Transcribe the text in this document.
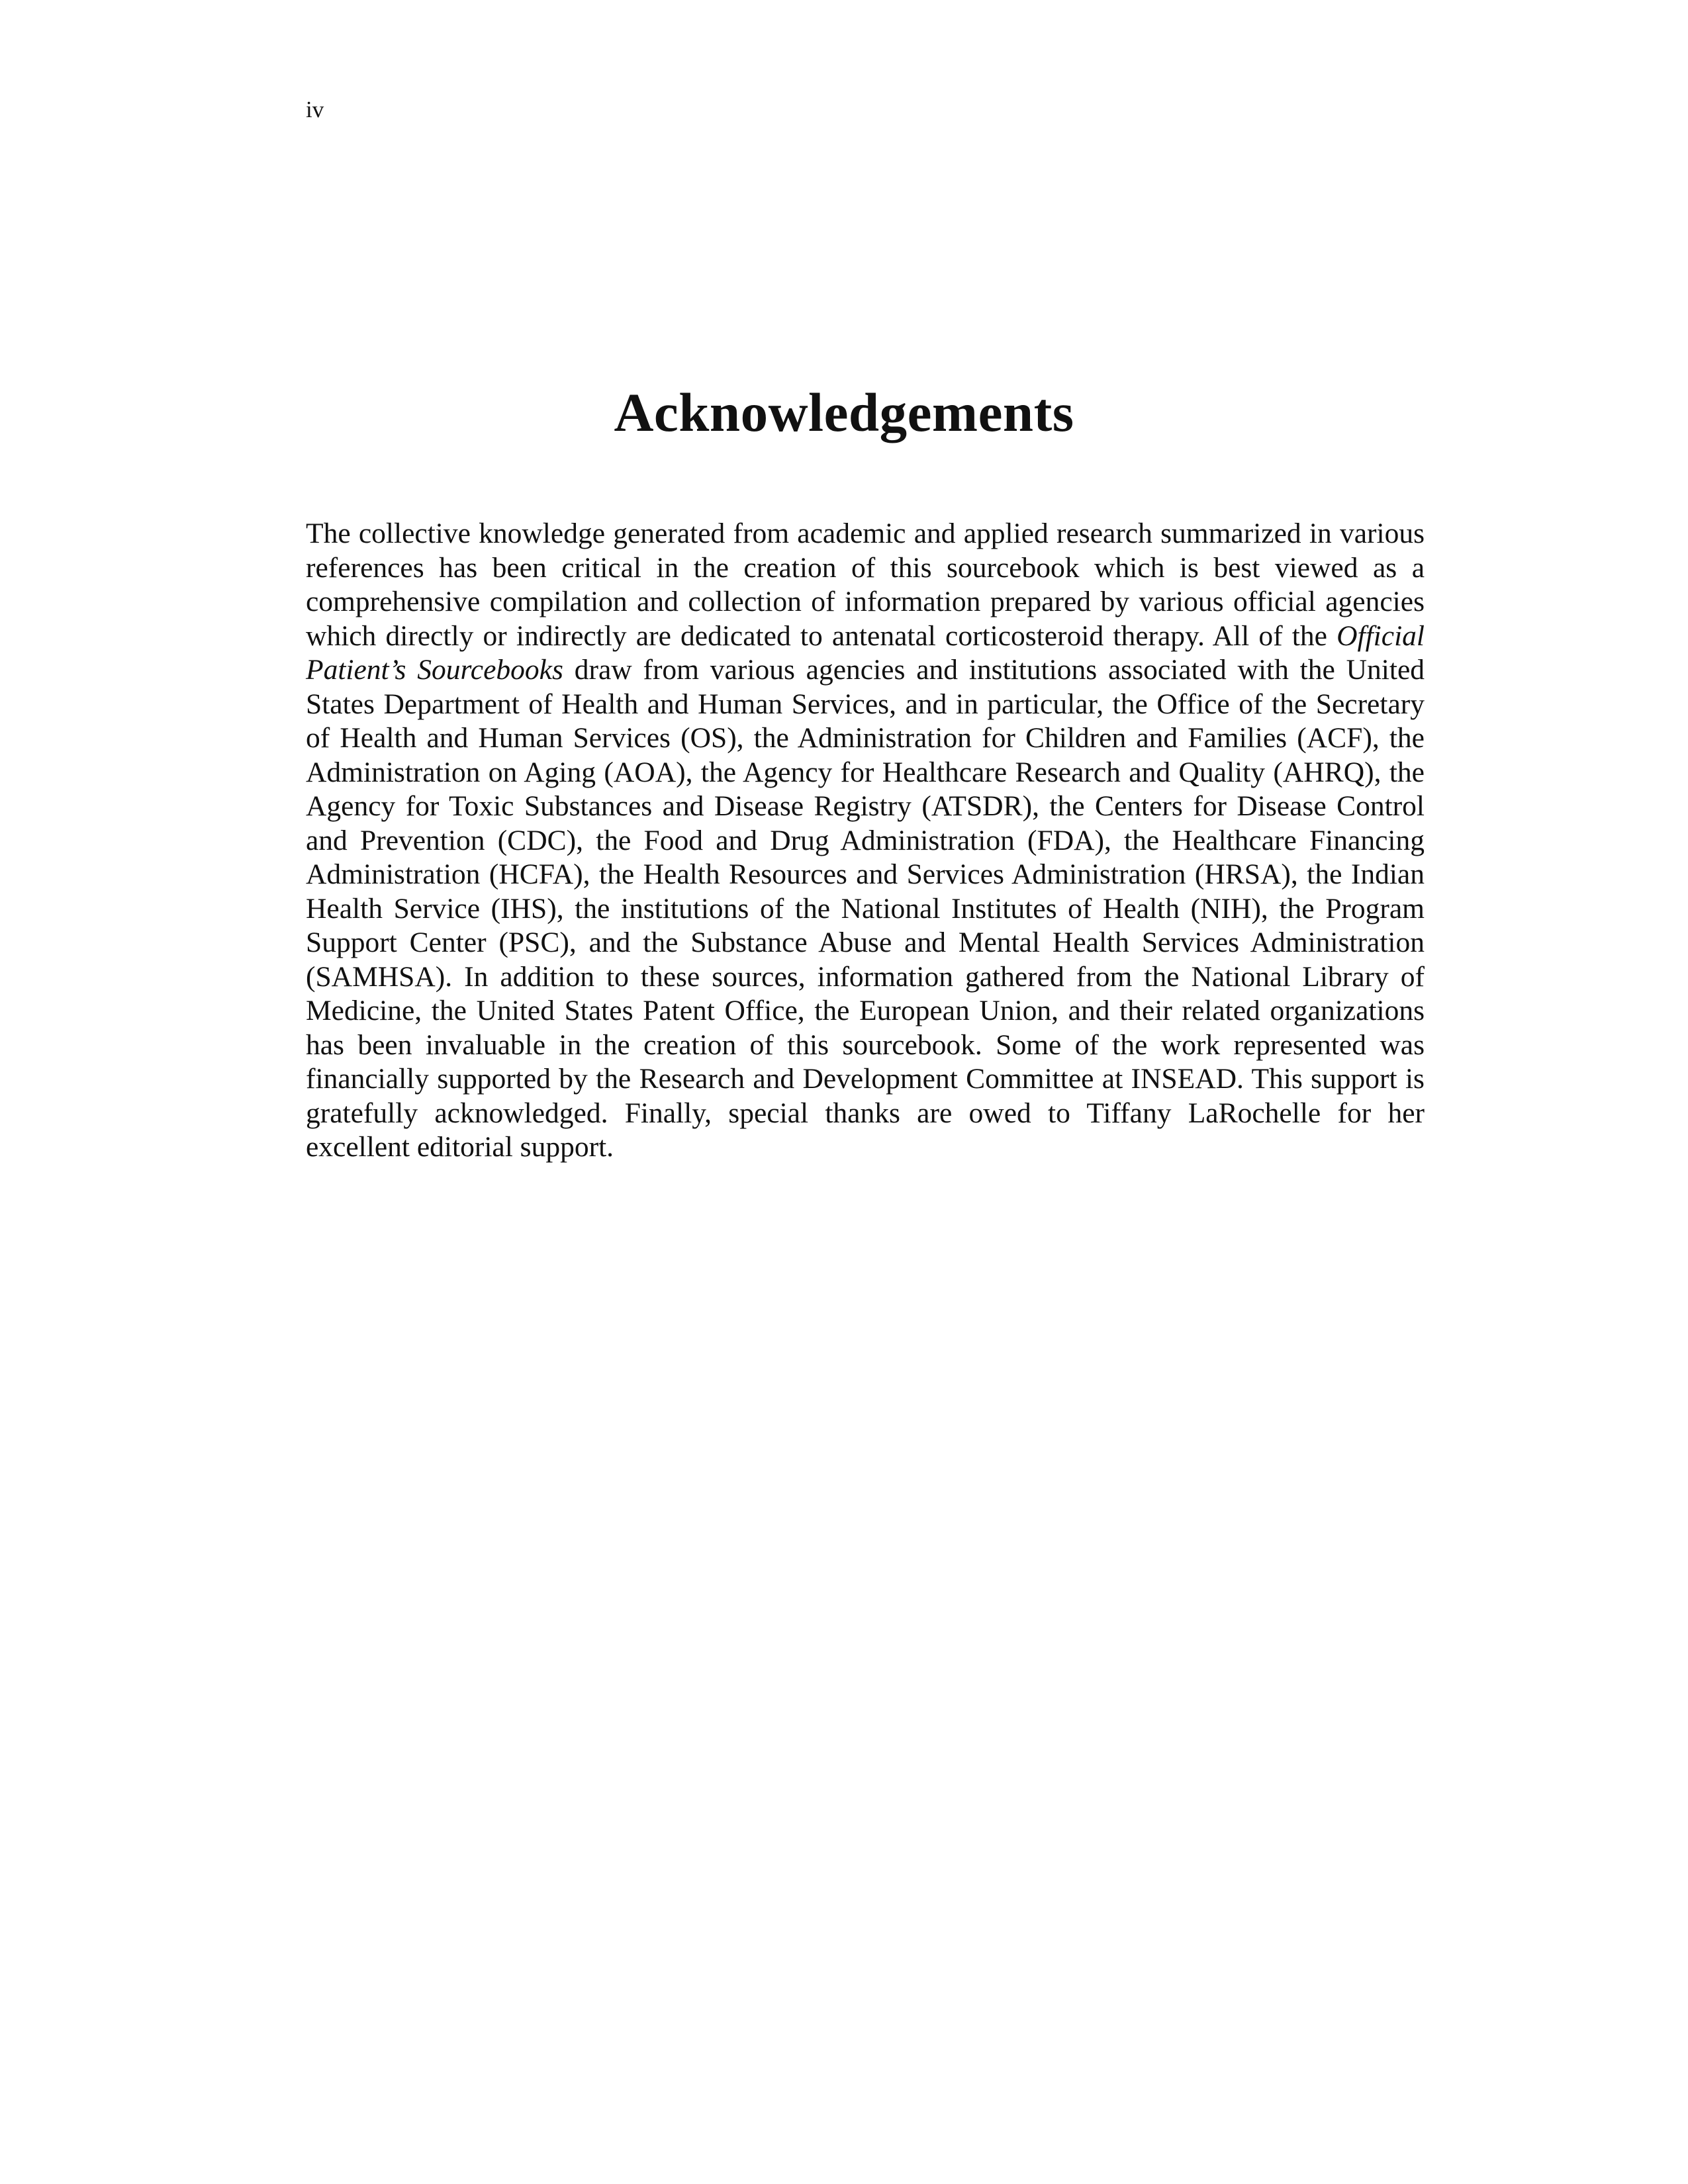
iv
Acknowledgements

The collective knowledge generated from academic and applied research summarized in various references has been critical in the creation of this sourcebook which is best viewed as a comprehensive compilation and collection of information prepared by various official agencies which directly or indirectly are dedicated to antenatal corticosteroid therapy. All of the Official Patient’s Sourcebooks draw from various agencies and institutions associated with the United States Department of Health and Human Services, and in particular, the Office of the Secretary of Health and Human Services (OS), the Administration for Children and Families (ACF), the Administration on Aging (AOA), the Agency for Healthcare Research and Quality (AHRQ), the Agency for Toxic Substances and Disease Registry (ATSDR), the Centers for Disease Control and Prevention (CDC), the Food and Drug Administration (FDA), the Healthcare Financing Administration (HCFA), the Health Resources and Services Administration (HRSA), the Indian Health Service (IHS), the institutions of the National Institutes of Health (NIH), the Program Support Center (PSC), and the Substance Abuse and Mental Health Services Administration (SAMHSA). In addition to these sources, information gathered from the National Library of Medicine, the United States Patent Office, the European Union, and their related organizations has been invaluable in the creation of this sourcebook. Some of the work represented was financially supported by the Research and Development Committee at INSEAD. This support is gratefully acknowledged. Finally, special thanks are owed to Tiffany LaRochelle for her excellent editorial support.
